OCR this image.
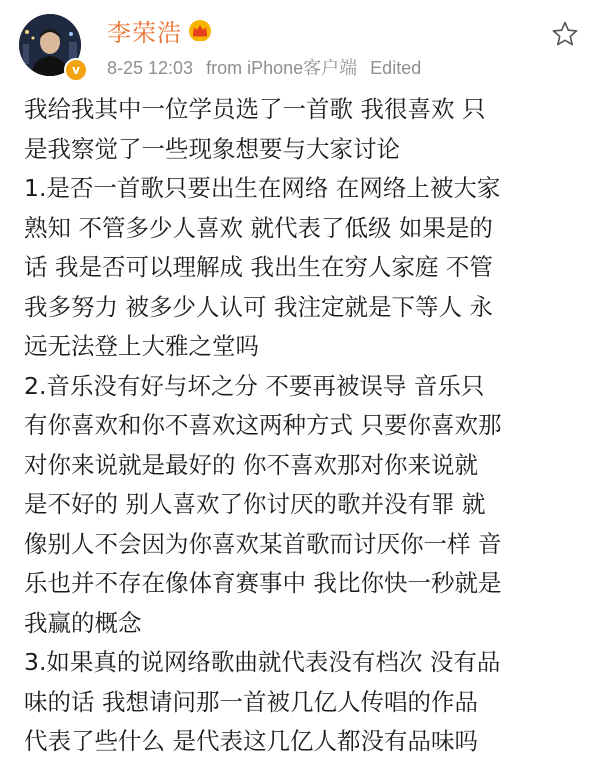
v
李荣浩
8-25 12:03 from iPhone客户端 Edited
我给我其中一位学员选了一首歌 我很喜欢 只
是我察觉了一些现象想要与大家讨论
1.是否一首歌只要出生在网络 在网络上被大家
熟知 不管多少人喜欢 就代表了低级 如果是的
话 我是否可以理解成 我出生在穷人家庭 不管
我多努力 被多少人认可 我注定就是下等人 永
远无法登上大雅之堂吗
2.音乐没有好与坏之分 不要再被误导 音乐只
有你喜欢和你不喜欢这两种方式 只要你喜欢那
对你来说就是最好的 你不喜欢那对你来说就
是不好的 别人喜欢了你讨厌的歌并没有罪 就
像别人不会因为你喜欢某首歌而讨厌你一样 音
乐也并不存在像体育赛事中 我比你快一秒就是
我赢的概念
3.如果真的说网络歌曲就代表没有档次 没有品
味的话 我想请问那一首被几亿人传唱的作品
代表了些什么 是代表这几亿人都没有品味吗
